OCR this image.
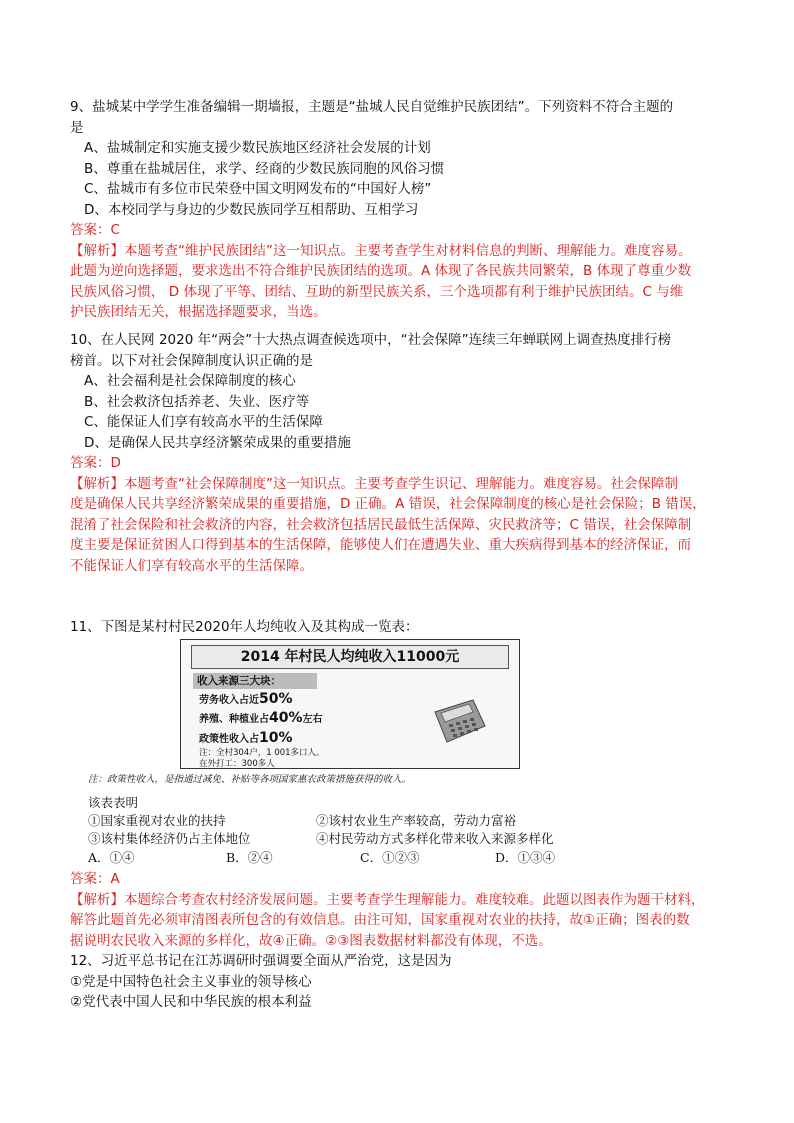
9、盐城某中学学生准备编辑一期墙报，主题是“盐城人民自觉维护民族团结”。下列资料不符合主题的
是
A、盐城制定和实施支援少数民族地区经济社会发展的计划
B、尊重在盐城居住，求学、经商的少数民族同胞的风俗习惯
C、盐城市有多位市民荣登中国文明网发布的“中国好人榜”
D、本校同学与身边的少数民族同学互相帮助、互相学习
答案：C
【解析】本题考查“维护民族团结”这一知识点。主要考查学生对材料信息的判断、理解能力。难度容易。
此题为逆向选择题，要求选出不符合维护民族团结的选项。A 体现了各民族共同繁荣，B 体现了尊重少数
民族风俗习惯， D 体现了平等、团结、互助的新型民族关系，三个选项都有利于维护民族团结。C 与维
护民族团结无关，根据选择题要求，当选。
10、在人民网 2020 年“两会”十大热点调查候选项中，“社会保障”连续三年蝉联网上调查热度排行榜
榜首。以下对社会保障制度认识正确的是
A、社会福利是社会保障制度的核心
B、社会救济包括养老、失业、医疗等
C、能保证人们享有较高水平的生活保障
D、是确保人民共享经济繁荣成果的重要措施
答案：D
【解析】本题考查“社会保障制度”这一知识点。主要考查学生识记、理解能力。难度容易。社会保障制
度是确保人民共享经济繁荣成果的重要措施，D 正确。A 错误，社会保障制度的核心是社会保险；B 错误，
混淆了社会保险和社会救济的内容，社会救济包括居民最低生活保障、灾民救济等；C 错误，社会保障制
度主要是保证贫困人口得到基本的生活保障，能够使人们在遭遇失业、重大疾病得到基本的经济保证，而
不能保证人们享有较高水平的生活保障。
11、下图是某村村民2020年人均纯收入及其构成一览表：
2014 年村民人均纯收入11000元
收入来源三大块：
劳务收入占近50%
养殖、种植业占40%左右
政策性收入占10%
注：全村304户，1 001多口人。
在外打工：300多人
注：政策性收入，是指通过减免、补贴等各项国家惠农政策措施获得的收入。
该表表明
①国家重视对农业的扶持	②该村农业生产率较高，劳动力富裕
③该村集体经济仍占主体地位	④村民劳动方式多样化带来收入来源多样化
A．①④	B．②④	C．①②③	D．①③④
答案：A
【解析】本题综合考查农村经济发展问题。主要考查学生理解能力。难度较难。此题以图表作为题干材料，
解答此题首先必须审清图表所包含的有效信息。由注可知，国家重视对农业的扶持，故①正确；图表的数
据说明农民收入来源的多样化，故④正确。②③图表数据材料都没有体现，不选。
12、习近平总书记在江苏调研时强调要全面从严治党，这是因为
①党是中国特色社会主义事业的领导核心
②党代表中国人民和中华民族的根本利益
